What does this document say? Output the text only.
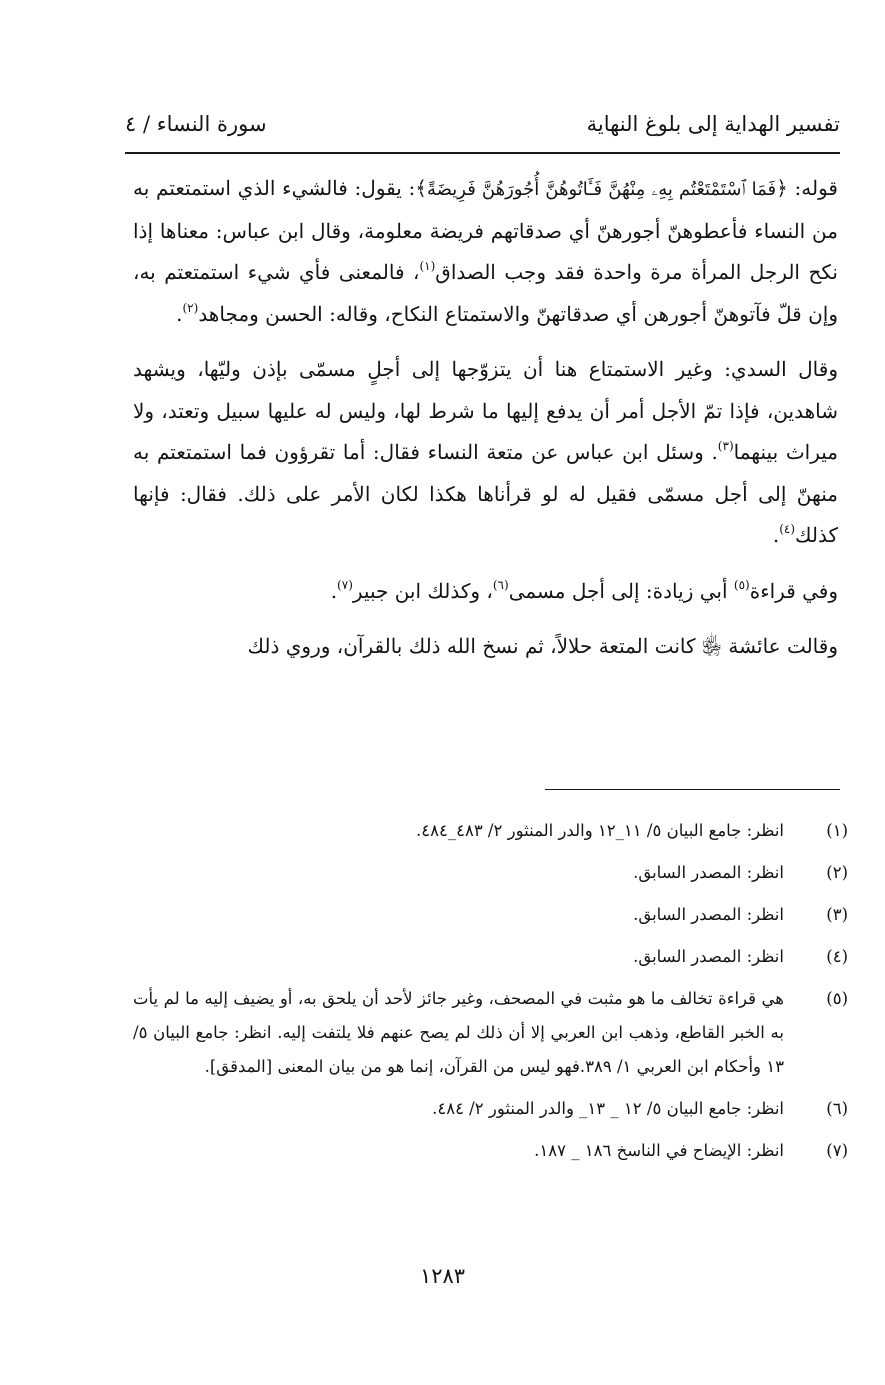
تفسير الهداية إلى بلوغ النهاية
سورة النساء / ٤

قوله: ﴿فَمَا ٱسْتَمْتَعْتُم بِهِۦ مِنْهُنَّ فَـَٔاتُوهُنَّ أُجُورَهُنَّ فَرِيضَةً﴾: يقول: فالشيء الذي استمتعتم به من النساء فأعطوهنّ أجورهنّ أي صدقاتهم فريضة معلومة، وقال ابن عباس: معناها إذا نكح الرجل المرأة مرة واحدة فقد وجب الصداق$^{(١)}$، فالمعنى فأي شيء استمتعتم به، وإن قلّ فآتوهنّ أجورهن أي صدقاتهنّ والاستمتاع النكاح، وقاله: الحسن ومجاهد$^{(٢)}$.

وقال السدي: وغير الاستمتاع هنا أن يتزوّجها إلى أجلٍ مسمّى بإذن وليّها، ويشهد شاهدين، فإذا تمّ الأجل أمر أن يدفع إليها ما شرط لها، وليس له عليها سبيل وتعتد، ولا ميراث بينهما$^{(٣)}$. وسئل ابن عباس عن متعة النساء فقال: أما تقرؤون فما استمتعتم به منهنّ إلى أجل مسمّى فقيل له لو قرأناها هكذا لكان الأمر على ذلك. فقال: فإنها كذلك$^{(٤)}$.

وفي قراءة$^{(٥)}$ أبي زيادة: إلى أجل مسمى$^{(٦)}$، وكذلك ابن جبير$^{(٧)}$.

وقالت عائشة ﵂ كانت المتعة حلالاً، ثم نسخ الله ذلك بالقرآن، وروي ذلك

(١)
انظر: جامع البيان ٥/ ١١_١٢ والدر المنثور ٢/ ٤٨٣_٤٨٤.
(٢)
انظر: المصدر السابق.
(٣)
انظر: المصدر السابق.
(٤)
انظر: المصدر السابق.
(٥)
هي قراءة تخالف ما هو مثبت في المصحف، وغير جائز لأحد أن يلحق به، أو يضيف إليه ما لم يأت به الخبر القاطع، وذهب ابن العربي إلا أن ذلك لم يصح عنهم فلا يلتفت إليه. انظر: جامع البيان ٥/ ١٣ وأحكام ابن العربي ١/ ٣٨٩.فهو ليس من القرآن، إنما هو من بيان المعنى [المدقق].
(٦)
انظر: جامع البيان ٥/ ١٢ _ ١٣_ والدر المنثور ٢/ ٤٨٤.
(٧)
انظر: الإيضاح في الناسخ ١٨٦ _ ١٨٧.
١٢٨٣
